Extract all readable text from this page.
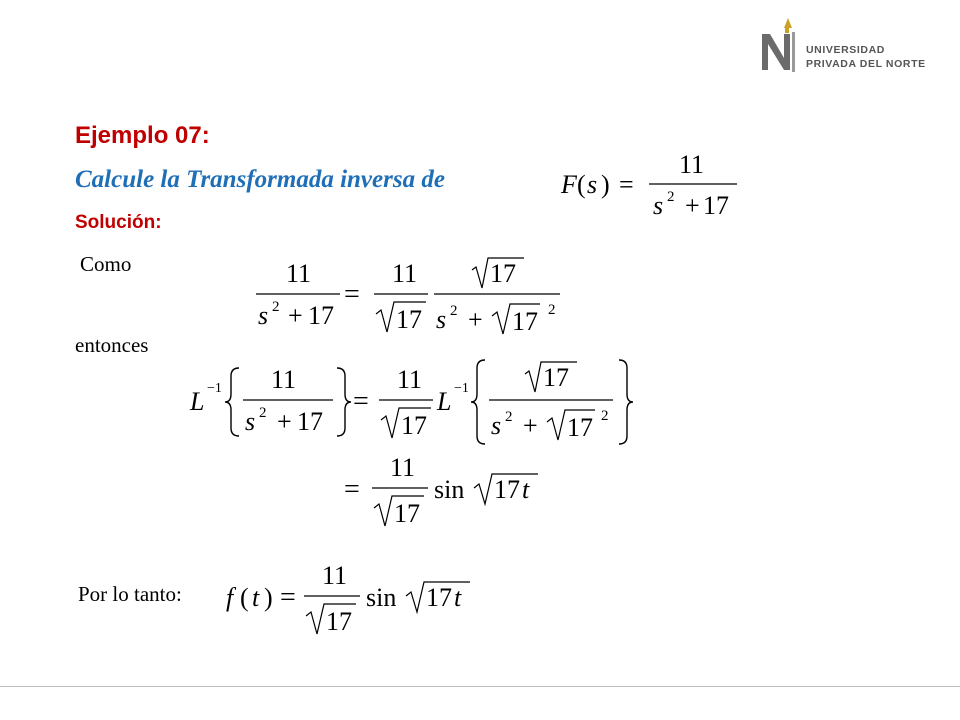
UNIVERSIDAD
PRIVADA DEL NORTE
Ejemplo 07:
Calcule la Transformada inversa de
Solución:
Como
entonces
Por lo tanto:
F ( s ) =
11
s 2 + 17
11
s 2 + 17
=
11
17
17
s 2 + 17 2
L −1 11
s 2 + 17
=
11
17
L −1	17
s 2 + 17 2
=
11
17
sin 17 t
f ( t ) =
11
17
sin 17 t
